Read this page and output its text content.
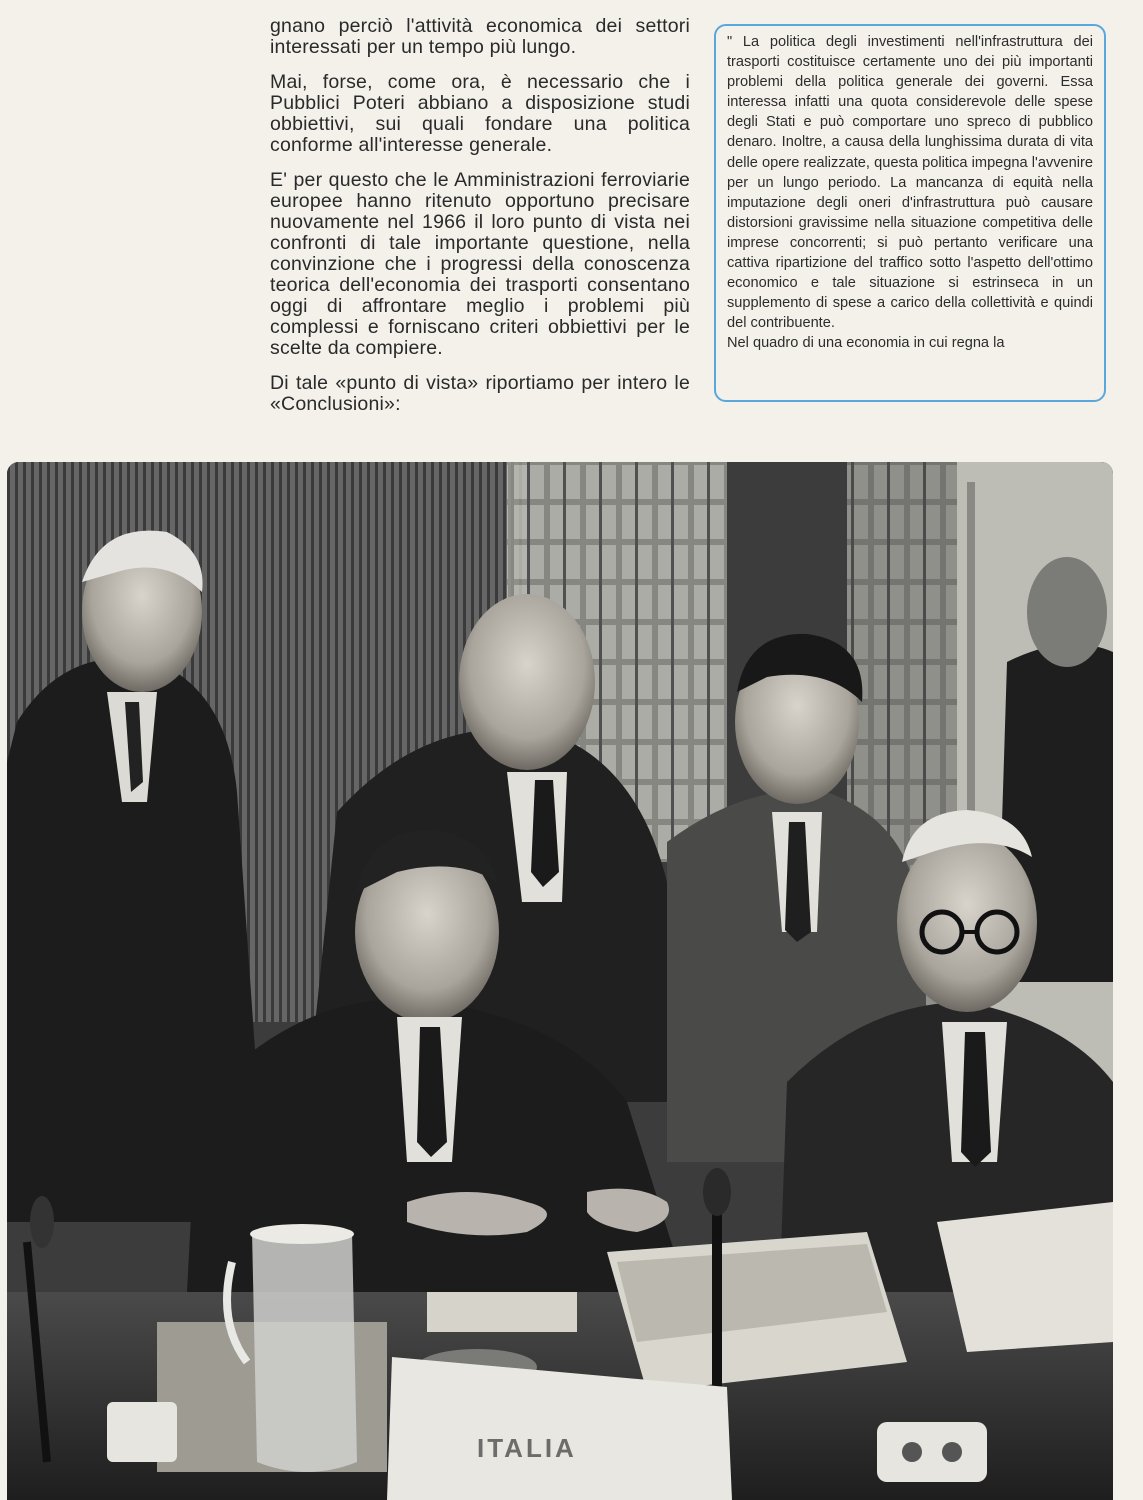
gnano perciò l'attività economica dei settori interessati per un tempo più lungo.

Mai, forse, come ora, è necessario che i Pubblici Poteri abbiano a disposizione studi obbiettivi, sui quali fondare una politica conforme all'interesse generale.

E' per questo che le Amministrazioni ferroviarie europee hanno ritenuto opportuno precisare nuovamente nel 1966 il loro punto di vista nei confronti di tale importante questione, nella convinzione che i progressi della conoscenza teorica dell'economia dei trasporti consentano oggi di affrontare meglio i problemi più complessi e forniscano criteri obbiettivi per le scelte da compiere.

Di tale «punto di vista» riportiamo per intero le «Conclusioni»:

" La politica degli investimenti nell'infrastruttura dei trasporti costituisce certamente uno dei più importanti problemi della politica generale dei governi. Essa interessa infatti una quota considerevole delle spese degli Stati e può comportare uno spreco di pubblico denaro. Inoltre, a causa della lunghissima durata di vita delle opere realizzate, questa politica impegna l'avvenire per un lungo periodo. La mancanza di equità nella imputazione degli oneri d'infrastruttura può causare distorsioni gravissime nella situazione competitiva delle imprese concorrenti; si può pertanto verificare una cattiva ripartizione del traffico sotto l'aspetto dell'ottimo economico e tale situazione si estrinseca in un supplemento di spese a carico della collettività e quindi del contribuente.

Nel quadro di una economia in cui regna la

ITALIA
